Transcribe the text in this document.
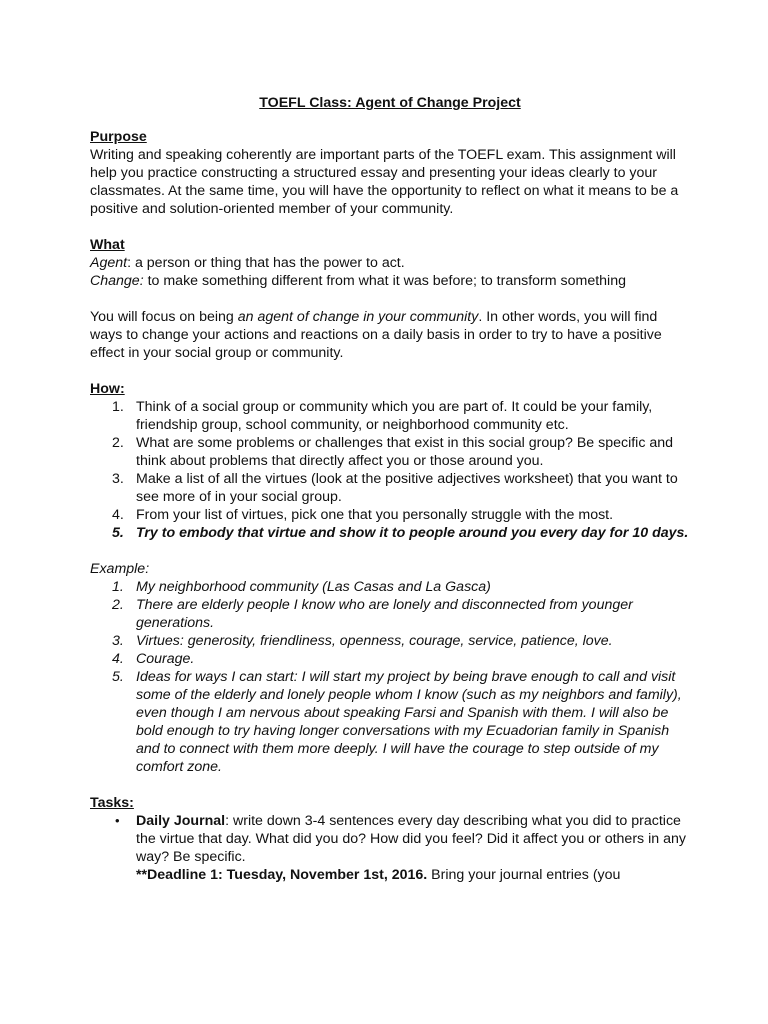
TOEFL Class: Agent of Change Project

Purpose

Writing and speaking coherently are important parts of the TOEFL exam. This assignment will help you practice constructing a structured essay and presenting your ideas clearly to your classmates. At the same time, you will have the opportunity to reflect on what it means to be a positive and solution-oriented member of your community.

What

Agent: a person or thing that has the power to act.

Change: to make something different from what it was before; to transform something

You will focus on being an agent of change in your community. In other words, you will find ways to change your actions and reactions on a daily basis in order to try to have a positive effect in your social group or community.

How:
1. Think of a social group or community which you are part of. It could be your family, friendship group, school community, or neighborhood community etc.
2. What are some problems or challenges that exist in this social group? Be specific and think about problems that directly affect you or those around you.
3. Make a list of all the virtues (look at the positive adjectives worksheet) that you want to see more of in your social group.
4. From your list of virtues, pick one that you personally struggle with the most.
5. Try to embody that virtue and show it to people around you every day for 10 days.
Example:
1. My neighborhood community (Las Casas and La Gasca)
2. There are elderly people I know who are lonely and disconnected from younger generations.
3. Virtues: generosity, friendliness, openness, courage, service, patience, love.
4. Courage.
5. Ideas for ways I can start: I will start my project by being brave enough to call and visit some of the elderly and lonely people whom I know (such as my neighbors and family), even though I am nervous about speaking Farsi and Spanish with them. I will also be bold enough to try having longer conversations with my Ecuadorian family in Spanish and to connect with them more deeply. I will have the courage to step outside of my comfort zone.
Tasks:
• Daily Journal: write down 3-4 sentences every day describing what you did to practice the virtue that day. What did you do? How did you feel? Did it affect you or others in any way? Be specific.
**Deadline 1: Tuesday, November 1st, 2016. Bring your journal entries (you
